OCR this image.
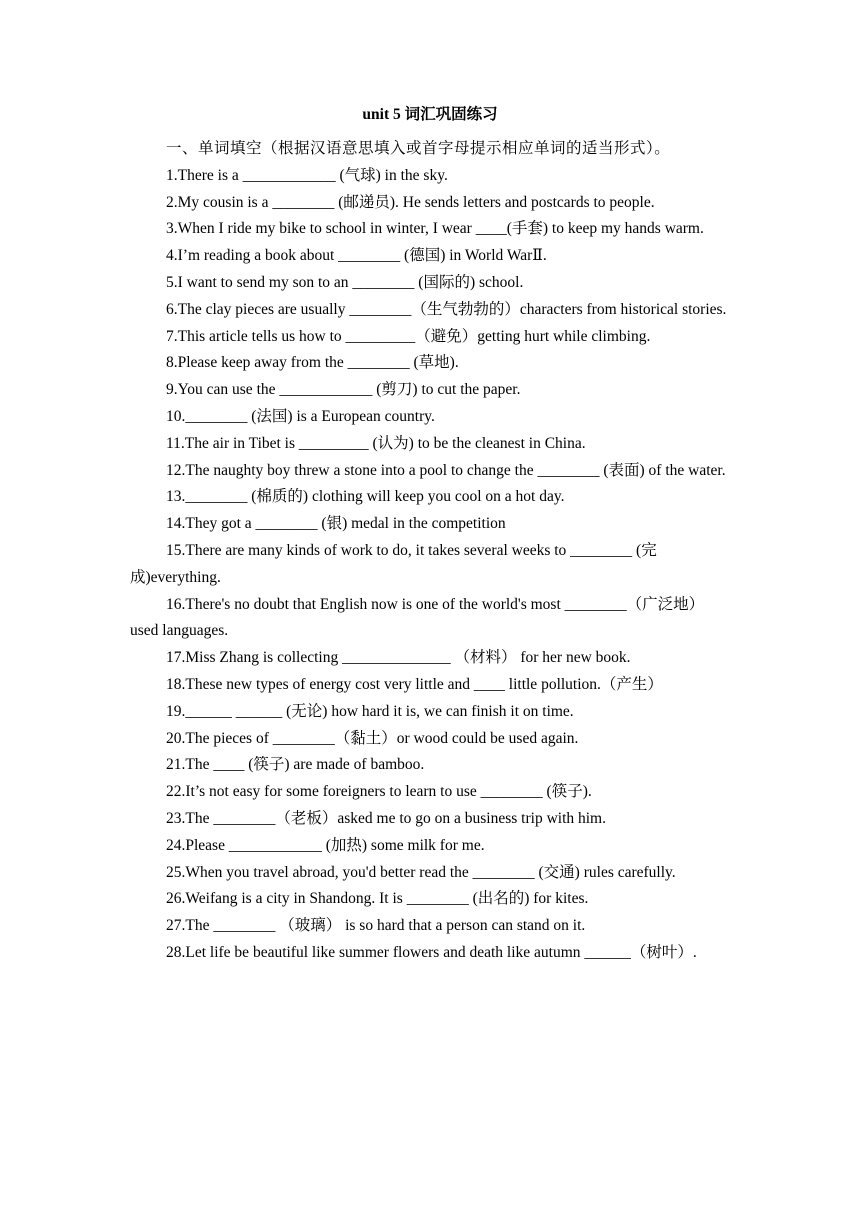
unit 5 词汇巩固练习

一、单词填空（根据汉语意思填入或首字母提示相应单词的适当形式）。

1.There is a ____________ (气球) in the sky.

2.My cousin is a ________ (邮递员). He sends letters and postcards to people.

3.When I ride my bike to school in winter, I wear ____(手套) to keep my hands warm.

4.I’m reading a book about ________ (德国) in World WarⅡ.

5.I want to send my son to an ________ (国际的) school.

6.The clay pieces are usually ________（生气勃勃的）characters from historical stories.

7.This article tells us how to _________（避免）getting hurt while climbing.

8.Please keep away from the ________ (草地).

9.You can use the ____________ (剪刀) to cut the paper.

10.________ (法国) is a European country.

11.The air in Tibet is _________ (认为) to be the cleanest in China.

12.The naughty boy threw a stone into a pool to change the ________ (表面) of the water.

13.________ (棉质的) clothing will keep you cool on a hot day.

14.They got a ________ (银) medal in the competition

15.There are many kinds of work to do, it takes several weeks to ________ (完成)everything.

16.There's no doubt that English now is one of the world's most ________（广泛地）used languages.

17.Miss Zhang is collecting ______________ （材料） for her new book.

18.These new types of energy cost very little and ____ little pollution.（产生）

19.______ ______ (无论) how hard it is, we can finish it on time.

20.The pieces of ________（黏土）or wood could be used again.

21.The ____ (筷子) are made of bamboo.

22.It’s not easy for some foreigners to learn to use ________ (筷子).

23.The ________（老板）asked me to go on a business trip with him.

24.Please ____________ (加热) some milk for me.

25.When you travel abroad, you'd better read the ________ (交通) rules carefully.

26.Weifang is a city in Shandong. It is ________ (出名的) for kites.

27.The ________ （玻璃） is so hard that a person can stand on it.

28.Let life be beautiful like summer flowers and death like autumn ______（树叶）.
